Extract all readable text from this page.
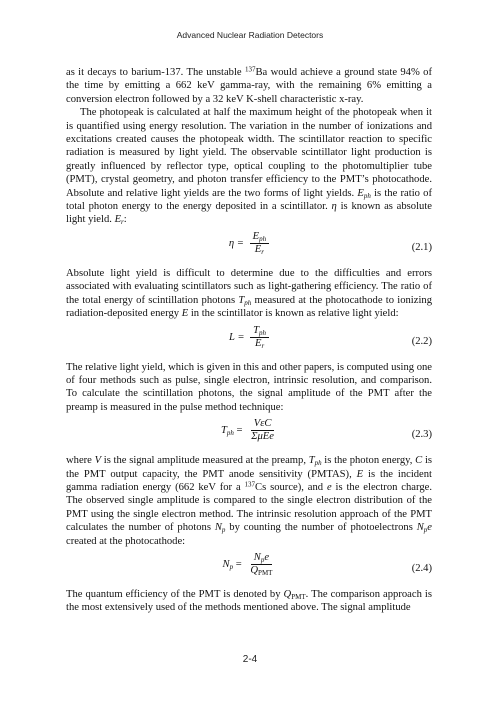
Advanced Nuclear Radiation Detectors

as it decays to barium-137. The unstable $^{137}$Ba would achieve a ground state 94% of the time by emitting a 662 keV gamma-ray, with the remaining 6% emitting a conversion electron followed by a 32 keV K-shell characteristic x-ray.

The photopeak is calculated at half the maximum height of the photopeak when it is quantified using energy resolution. The variation in the number of ionizations and excitations created causes the photopeak width. The scintillator reaction to specific radiation is measured by light yield. The observable scintillator light production is greatly influenced by reflector type, optical coupling to the photomultiplier tube (PMT), crystal geometry, and photon transfer efficiency to the PMT’s photocathode. Absolute and relative light yields are the two forms of light yields. $E_{ph}$ is the ratio of total photon energy to the energy deposited in a scintillator. η is known as absolute light yield. $E_r$:

$\eta = \frac{E_{ph}}{E_r}$	(2.1)

Absolute light yield is difficult to determine due to the difficulties and errors associated with evaluating scintillators such as light-gathering efficiency. The ratio of the total energy of scintillation photons $T_{ph}$ measured at the photocathode to ionizing radiation-deposited energy E in the scintillator is known as relative light yield:

$L = \frac{T_{ph}}{E_r}$	(2.2)

The relative light yield, which is given in this and other papers, is computed using one of four methods such as pulse, single electron, intrinsic resolution, and comparison. To calculate the scintillation photons, the signal amplitude of the PMT after the preamp is measured in the pulse method technique:

$T_{ph} = \frac{\text{VεC}}{\text{ΣμEe}}$	(2.3)

where V is the signal amplitude measured at the preamp, $T_{ph}$ is the photon energy, C is the PMT output capacity, the PMT anode sensitivity (PMTAS), E is the incident gamma radiation energy (662 keV for a $^{137}$Cs source), and e is the electron charge. The observed single amplitude is compared to the single electron distribution of the PMT using the single electron method. The intrinsic resolution approach of the PMT calculates the number of photons $N_p$ by counting the number of photoelectrons $N_pe$ created at the photocathode:

$N_p = \frac{N_pe}{Q_{PMT}}$	(2.4)

The quantum efficiency of the PMT is denoted by $Q_{PMT}$. The comparison approach is the most extensively used of the methods mentioned above. The signal amplitude

2-4
